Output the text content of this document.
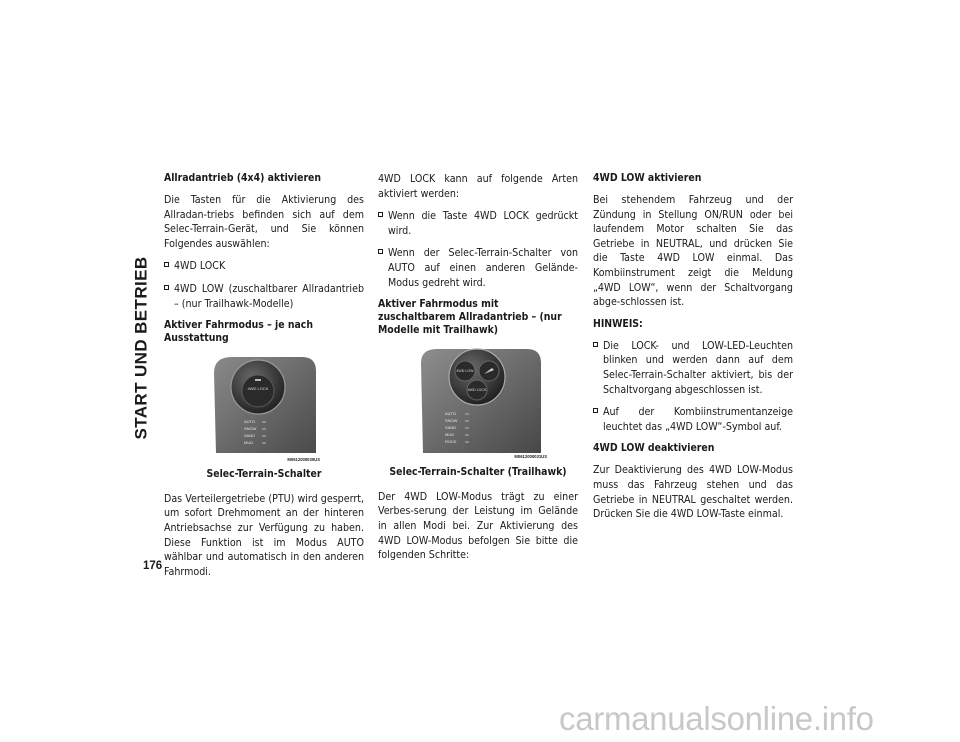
START UND BETRIEB
176
Allradantrieb (4x4) aktivieren

Die Tasten für die Aktivierung des Allradan-triebs befinden sich auf dem Selec-Terrain-Gerät, und Sie können Folgendes auswählen:

4WD LOCK
4WD LOW (zuschaltbarer Allradantrieb – (nur Trailhawk-Modelle)
Aktiver Fahrmodus – je nach Ausstattung
4WD LOCK
AUTO
SNOW
SAND
MUD
M0612000030US
Selec-Terrain-Schalter

Das Verteilergetriebe (PTU) wird gesperrt, um sofort Drehmoment an der hinteren Antriebsachse zur Verfügung zu haben. Diese Funktion ist im Modus AUTO wählbar und automatisch in den anderen Fahrmodi.

4WD LOCK kann auf folgende Arten aktiviert werden:

Wenn die Taste 4WD LOCK gedrückt wird.
Wenn der Selec-Terrain-Schalter von AUTO auf einen anderen Gelände-Modus gedreht wird.
Aktiver Fahrmodus mit zuschaltbarem Allradantrieb – (nur Modelle mit Trailhawk)
4WD LOW
4WD LOCK
AUTO
SNOW
SAND
MUD
ROCK
M0612000031US
Selec-Terrain-Schalter (Trailhawk)

Der 4WD LOW-Modus trägt zu einer Verbes-serung der Leistung im Gelände in allen Modi bei. Zur Aktivierung des 4WD LOW-Modus befolgen Sie bitte die folgenden Schritte:

4WD LOW aktivieren

Bei stehendem Fahrzeug und der Zündung in Stellung ON/RUN oder bei laufendem Motor schalten Sie das Getriebe in NEUTRAL, und drücken Sie die Taste 4WD LOW einmal. Das Kombiinstrument zeigt die Meldung „4WD LOW“, wenn der Schaltvorgang abge-schlossen ist.

HINWEIS:
Die LOCK- und LOW-LED-Leuchten blinken und werden dann auf dem Selec-Terrain-Schalter aktiviert, bis der Schaltvorgang abgeschlossen ist.
Auf der Kombiinstrumentanzeige leuchtet das „4WD LOW“-Symbol auf.
4WD LOW deaktivieren

Zur Deaktivierung des 4WD LOW-Modus muss das Fahrzeug stehen und das Getriebe in NEUTRAL geschaltet werden. Drücken Sie die 4WD LOW-Taste einmal.

carmanualsonline.info
